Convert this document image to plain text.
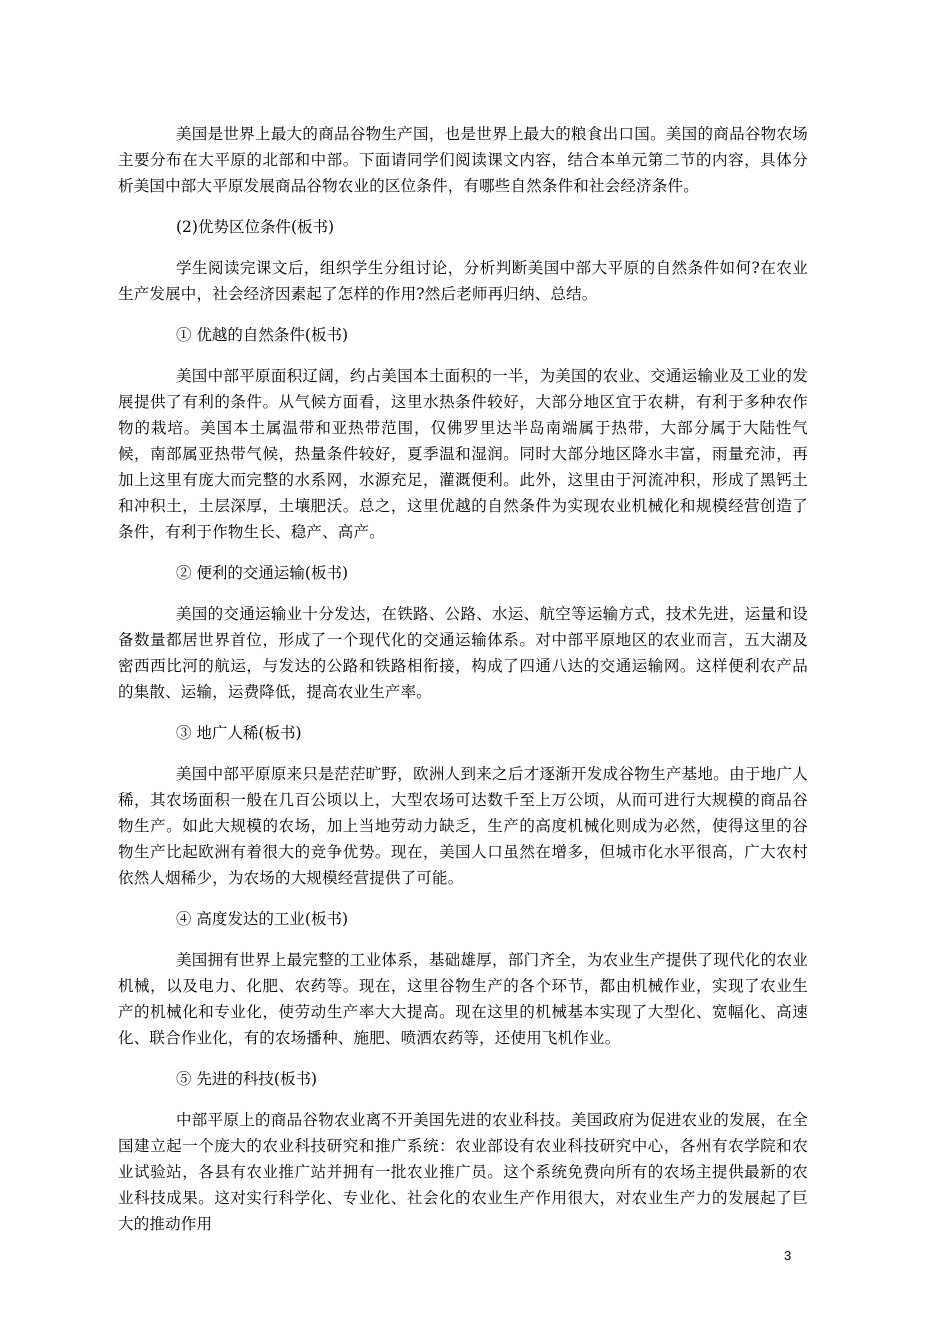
美国是世界上最大的商品谷物生产国，也是世界上最大的粮食出口国。美国的商品谷物农场主要分布在大平原的北部和中部。下面请同学们阅读课文内容，结合本单元第二节的内容，具体分析美国中部大平原发展商品谷物农业的区位条件，有哪些自然条件和社会经济条件。

(2)优势区位条件(板书)

学生阅读完课文后，组织学生分组讨论，分析判断美国中部大平原的自然条件如何?在农业生产发展中，社会经济因素起了怎样的作用?然后老师再归纳、总结。

① 优越的自然条件(板书)

美国中部平原面积辽阔，约占美国本土面积的一半，为美国的农业、交通运输业及工业的发展提供了有利的条件。从气候方面看，这里水热条件较好，大部分地区宜于农耕，有利于多种农作物的栽培。美国本土属温带和亚热带范围，仅佛罗里达半岛南端属于热带，大部分属于大陆性气候，南部属亚热带气候，热量条件较好，夏季温和湿润。同时大部分地区降水丰富，雨量充沛，再加上这里有庞大而完整的水系网，水源充足，灌溉便利。此外，这里由于河流冲积，形成了黑钙土和冲积土，土层深厚，土壤肥沃。总之，这里优越的自然条件为实现农业机械化和规模经营创造了条件，有利于作物生长、稳产、高产。

② 便利的交通运输(板书)

美国的交通运输业十分发达，在铁路、公路、水运、航空等运输方式，技术先进，运量和设备数量都居世界首位，形成了一个现代化的交通运输体系。对中部平原地区的农业而言，五大湖及密西西比河的航运，与发达的公路和铁路相衔接，构成了四通八达的交通运输网。这样便利农产品的集散、运输，运费降低，提高农业生产率。

③ 地广人稀(板书)

美国中部平原原来只是茫茫旷野，欧洲人到来之后才逐渐开发成谷物生产基地。由于地广人稀，其农场面积一般在几百公顷以上，大型农场可达数千至上万公顷，从而可进行大规模的商品谷物生产。如此大规模的农场，加上当地劳动力缺乏，生产的高度机械化则成为必然，使得这里的谷物生产比起欧洲有着很大的竞争优势。现在，美国人口虽然在增多，但城市化水平很高，广大农村依然人烟稀少，为农场的大规模经营提供了可能。

④ 高度发达的工业(板书)

美国拥有世界上最完整的工业体系，基础雄厚，部门齐全，为农业生产提供了现代化的农业机械，以及电力、化肥、农药等。现在，这里谷物生产的各个环节，都由机械作业，实现了农业生产的机械化和专业化，使劳动生产率大大提高。现在这里的机械基本实现了大型化、宽幅化、高速化、联合作业化，有的农场播种、施肥、喷洒农药等，还使用飞机作业。

⑤ 先进的科技(板书)

中部平原上的商品谷物农业离不开美国先进的农业科技。美国政府为促进农业的发展，在全国建立起一个庞大的农业科技研究和推广系统：农业部设有农业科技研究中心，各州有农学院和农业试验站，各县有农业推广站并拥有一批农业推广员。这个系统免费向所有的农场主提供最新的农业科技成果。这对实行科学化、专业化、社会化的农业生产作用很大，对农业生产力的发展起了巨大的推动作用

3
